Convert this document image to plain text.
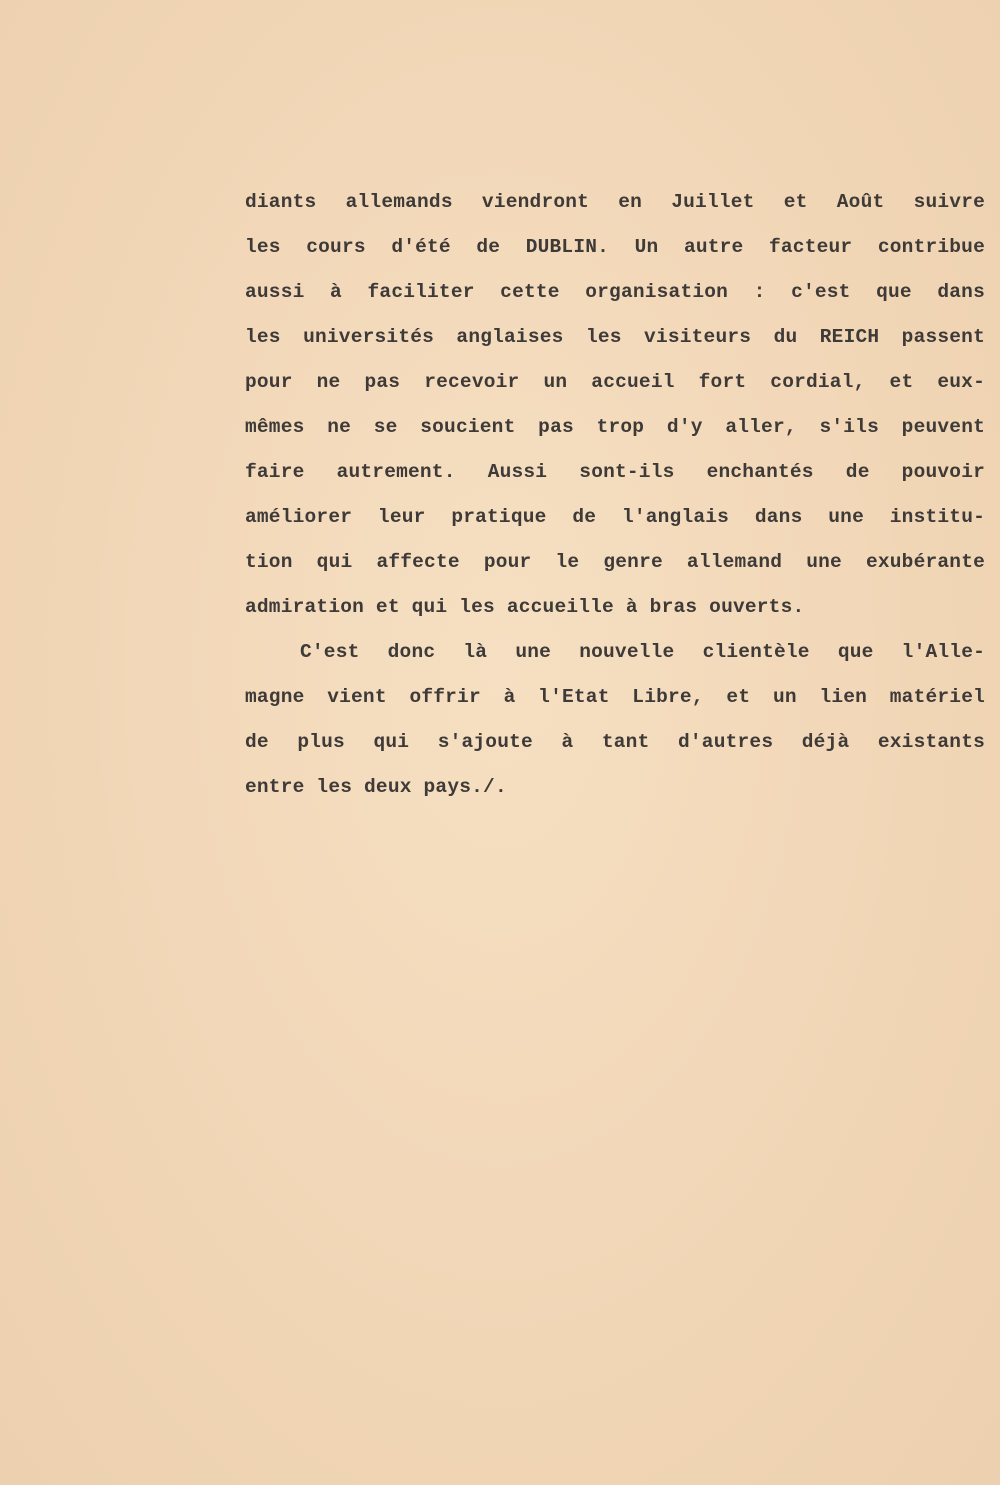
diants allemands viendront en Juillet et Août suivre
les cours d'été de DUBLIN. Un autre facteur contribue
aussi à faciliter cette organisation : c'est que dans
les universités anglaises les visiteurs du REICH passent
pour ne pas recevoir un accueil fort cordial, et eux-
mêmes ne se soucient pas trop d'y aller, s'ils peuvent
faire autrement. Aussi sont-ils enchantés de pouvoir
améliorer leur pratique de l'anglais dans une institu-
tion qui affecte pour le genre allemand une exubérante
admiration et qui les accueille à bras ouverts.
C'est donc là une nouvelle clientèle que l'Alle-
magne vient offrir à l'Etat Libre, et un lien matériel
de plus qui s'ajoute à tant d'autres déjà existants
entre les deux pays./.
